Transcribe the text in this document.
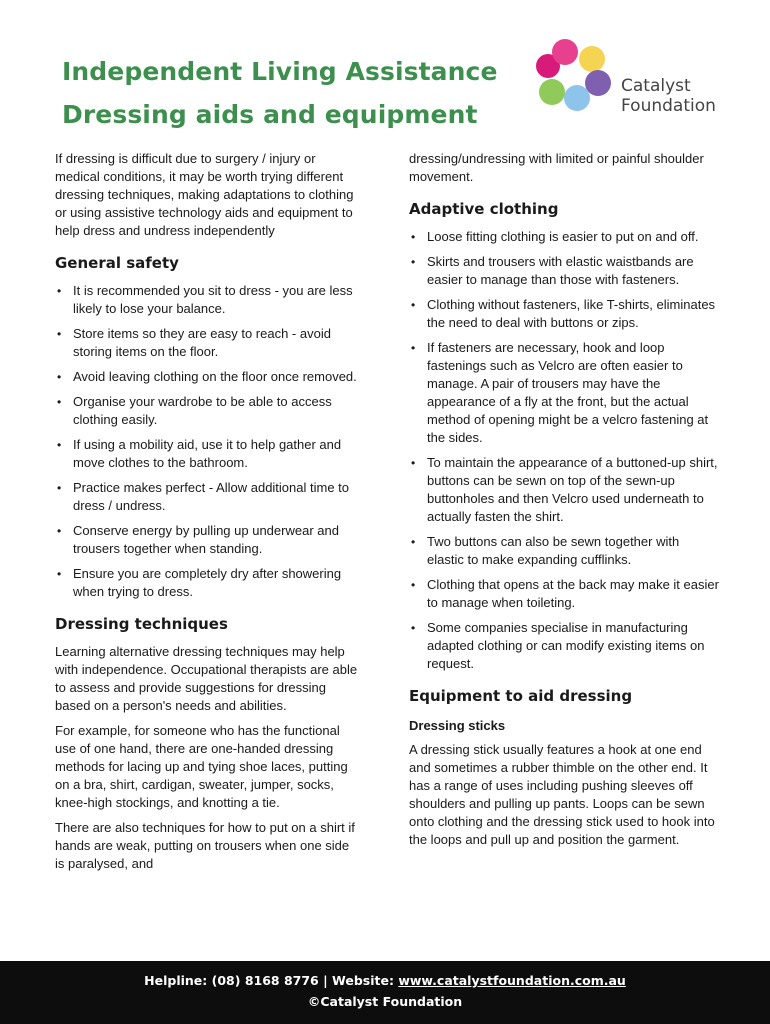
Independent Living Assistance
Dressing aids and equipment
Catalyst
Foundation

If dressing is difficult due to surgery / injury or medical conditions, it may be worth trying different dressing techniques, making adaptations to clothing or using assistive technology aids and equipment to help dress and undress independently

General safety
• It is recommended you sit to dress - you are less likely to lose your balance.
• Store items so they are easy to reach - avoid storing items on the floor.
• Avoid leaving clothing on the floor once removed.
• Organise your wardrobe to be able to access clothing easily.
• If using a mobility aid, use it to help gather and move clothes to the bathroom.
• Practice makes perfect - Allow additional time to dress / undress.
• Conserve energy by pulling up underwear and trousers together when standing.
• Ensure you are completely dry after showering when trying to dress.
Dressing techniques

Learning alternative dressing techniques may help with independence. Occupational therapists are able to assess and provide suggestions for dressing based on a person's needs and abilities.

For example, for someone who has the functional use of one hand, there are one-handed dressing methods for lacing up and tying shoe laces, putting on a bra, shirt, cardigan, sweater, jumper, socks, knee-high stockings, and knotting a tie.

There are also techniques for how to put on a shirt if hands are weak, putting on trousers when one side is paralysed, and

dressing/undressing with limited or painful shoulder movement.

Adaptive clothing
• Loose fitting clothing is easier to put on and off.
• Skirts and trousers with elastic waistbands are easier to manage than those with fasteners.
• Clothing without fasteners, like T-shirts, eliminates the need to deal with buttons or zips.
• If fasteners are necessary, hook and loop fastenings such as Velcro are often easier to manage. A pair of trousers may have the appearance of a fly at the front, but the actual method of opening might be a velcro fastening at the sides.
• To maintain the appearance of a buttoned-up shirt, buttons can be sewn on top of the sewn-up buttonholes and then Velcro used underneath to actually fasten the shirt.
• Two buttons can also be sewn together with elastic to make expanding cufflinks.
• Clothing that opens at the back may make it easier to manage when toileting.
• Some companies specialise in manufacturing adapted clothing or can modify existing items on request.
Equipment to aid dressing
Dressing sticks

A dressing stick usually features a hook at one end and sometimes a rubber thimble on the other end. It has a range of uses including pushing sleeves off shoulders and pulling up pants. Loops can be sewn onto clothing and the dressing stick used to hook into the loops and pull up and position the garment.

Helpline: (08) 8168 8776 | Website: www.catalystfoundation.com.au
©Catalyst Foundation
